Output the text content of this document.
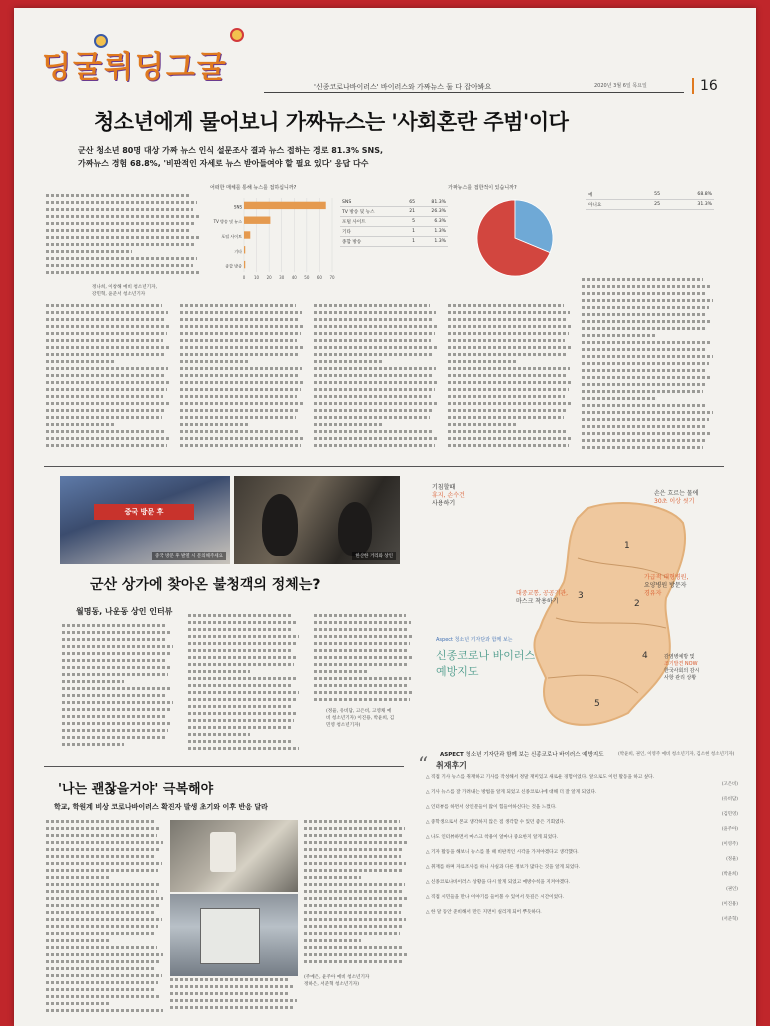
딩굴뤼딩그굴
'신종코로나바이러스' 바이러스와 가짜뉴스 둘 다 잡아봐요	2020년 3월 6일 목요일	16
청소년에게 물어보니 가짜뉴스는 '사회혼란 주범'이다
군산 청소년 80명 대상 가짜 뉴스 인식 설문조사 결과 뉴스 접하는 경로 81.3% SNS,
가짜뉴스 경험 68.8%, '비판적인 자세로 뉴스 받아들여야 할 필요 있다' 응답 다수
어떠한 매체를 통해 뉴스를 접하십니까?
0 10 20 30 40 50 60 70
SNS
TV 방송 및 뉴스
포털 사이트
기타
종합 방송
SNS	65	81.3%
TV 방송 및 뉴스	21	26.3%
포털 사이트	5	6.3%
기타	1	1.3%
종합 방송	1	1.3%
가짜뉴스를 접한적이 있습니까?
예	55	68.8%
아니요	25	31.3%
정나희, 이창해 예비 청소년기자,
강민혁, 윤준서 청소년기자
중국 방문 후
중국 방문 후 발열 시 문의해주세요	한산한 거리와 상인
군산 상가에 찾아온 불청객의 정체는?
월명동, 나운동 상인 인터뷰
(정율, 유비담, 고은비, 고영채 예
비 청소년기자) 이진용, 박윤희, 김
민영 청소년기자)
1
2
3
4
5
기침할때
휴지, 손수건
사용하기
손은 흐르는 물에
30초 이상 씻기
가급적 대형병원,
요양병원 방문자
경유자
대중교통, 공공기관,
마스크 착용하기
감염병예방 및
조기발견 NOW
한국사회의 감시
사항 관리 상황
Aspect 청소년 기자단과 함께 보는
신종코로나 바이러스
예방지도
ASPECT 청소년 기자단과 함께 보는 신종코로나 바이러스 예방지도	(박윤희, 권인, 이영주 예비 청소년기자, 김소현 청소년기자)
'나는 괜찮을거야' 극복해야
학교, 학원계 비상 코로나바이러스 확진자 발생 초기와 이후 반응 달라
(주예은, 윤주아 예비 청소년기자
정하은, 서준혁 청소년기자)
“ 취재후기
△ 직접 기사 뉴스를 취재하고 기사를 작성해서 정말 재미있고 새로운 경험이었다. 앞으로도 이런 활동을 하고 싶다.
(고은비)
△ 기사 뉴스를 잘 가려내는 방법을 알게 되었고 신종코로나에 대해 더 잘 알게 되었다.
(유비담)
△ 인터뷰를 하면서 상인분들이 많이 힘들어하신다는 것을 느꼈다.
(김민영)
△ 중학생으로서 본교 생각하지 않은 점 생각할 수 있던 좋은 기회였다.
(윤주아)
△ 나도 인터뷰하면서 마스크 착용이 얼마나 중요한지 알게 되었다.
(이영주)
△ 기자 활동을 해보니 뉴스를 볼 때 비판적인 시각을 가져야겠다고 생각했다.
(정율)
△ 취재를 하며 자료조사를 하니 사실과 다른 정보가 많다는 것을 알게 되었다.
(박윤희)
△ 신종코로나바이러스 상황을 다시 알게 되었고 예방수칙을 지켜야겠다.
(권인)
△ 직접 시민들을 만나 이야기를 들어볼 수 있어서 뜻깊은 시간이었다.
(이진용)
△ 한 달 동안 준비해서 만든 지면이 실리게 되어 뿌듯하다.
(서준혁)
